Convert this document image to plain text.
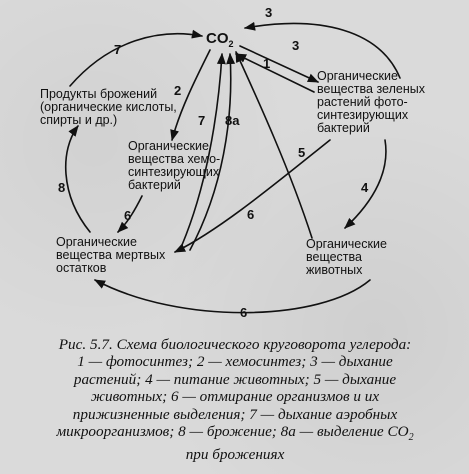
$CO_2$
Продукты брожений
(органические кислоты,
спирты и др.)
Органические
вещества зеленых
растений фото-
синтезирующих
бактерий
Органические
вещества хемо-
синтезирующих
бактерий
Органические
вещества мертвых
остатков
Органические
вещества
животных
3
7	3
1
2
7 8а
5
4
8
6	6
6
Рис. 5.7. Схема биологического круговорота углерода:
1 — фотосинтез; 2 — хемосинтез; 3 — дыхание
растений; 4 — питание животных; 5 — дыхание
животных; 6 — отмирание организмов и их
прижизненные выделения; 7 — дыхание аэробных
микроорганизмов; 8 — брожение; 8а — выделение $CO_2$
при брожениях
